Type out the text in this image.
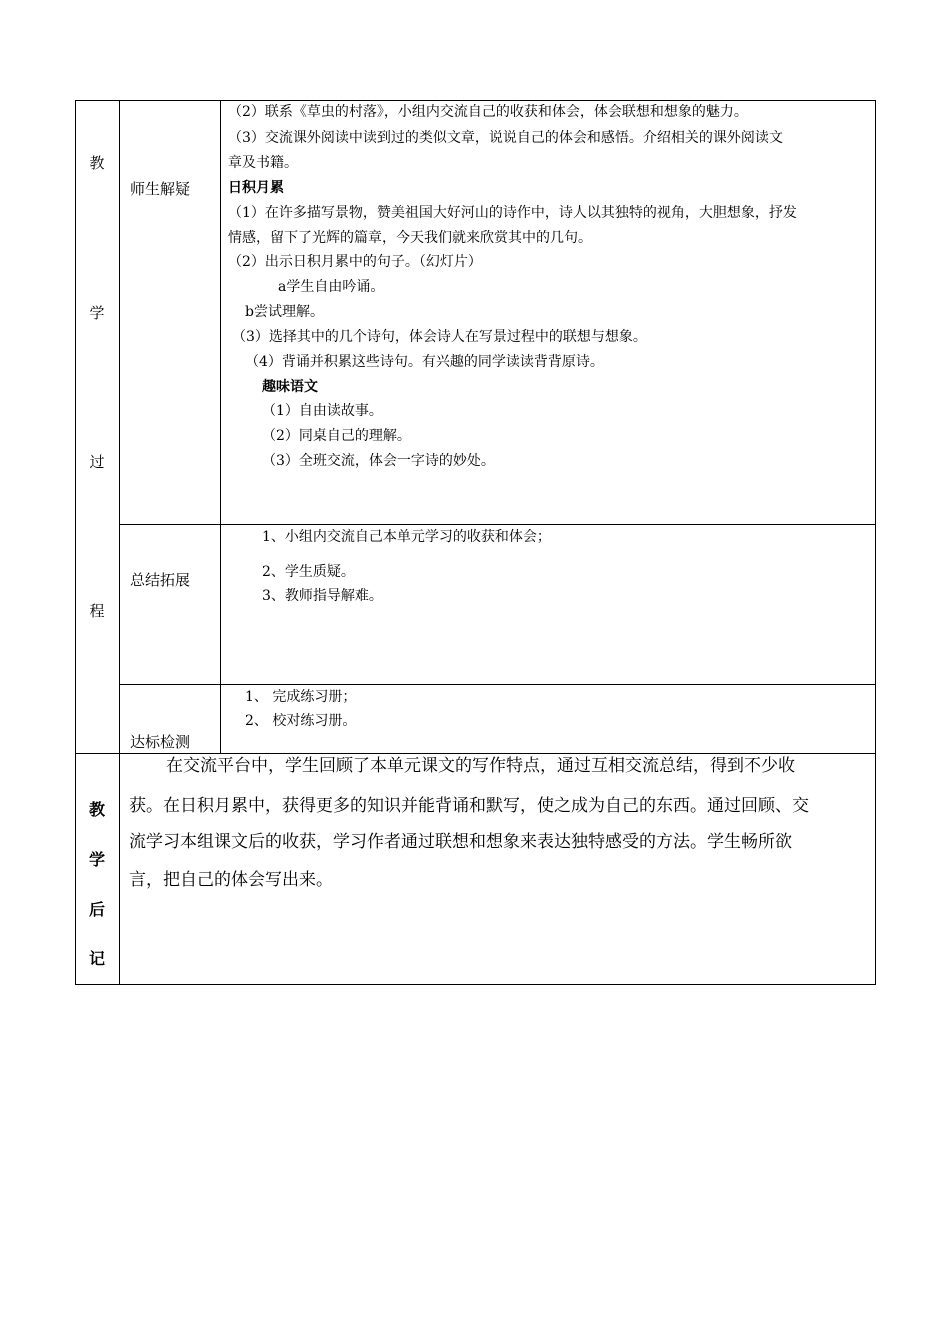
教
学
过
程
师生解疑
总结拓展
达标检测
（2）联系《草虫的村落》，小组内交流自己的收获和体会，体会联想和想象的魅力。
（3）交流课外阅读中读到过的类似文章，说说自己的体会和感悟。介绍相关的课外阅读文
章及书籍。
日积月累
（1）在许多描写景物，赞美祖国大好河山的诗作中，诗人以其独特的视角，大胆想象，抒发
情感，留下了光辉的篇章，今天我们就来欣赏其中的几句。
（2）出示日积月累中的句子。（幻灯片）
a学生自由吟诵。
b尝试理解。
（3）选择其中的几个诗句，体会诗人在写景过程中的联想与想象。
（4）背诵并积累这些诗句。有兴趣的同学读读背背原诗。
趣味语文
（1）自由读故事。
（2）同桌自己的理解。
（3）全班交流，体会一字诗的妙处。
1、小组内交流自己本单元学习的收获和体会；
2、学生质疑。
3、教师指导解难。
1、 完成练习册；
2、 校对练习册。
教
学
后
记
在交流平台中，学生回顾了本单元课文的写作特点，通过互相交流总结，得到不少收
获。在日积月累中，获得更多的知识并能背诵和默写，使之成为自己的东西。通过回顾、交
流学习本组课文后的收获，学习作者通过联想和想象来表达独特感受的方法。学生畅所欲
言，把自己的体会写出来。
